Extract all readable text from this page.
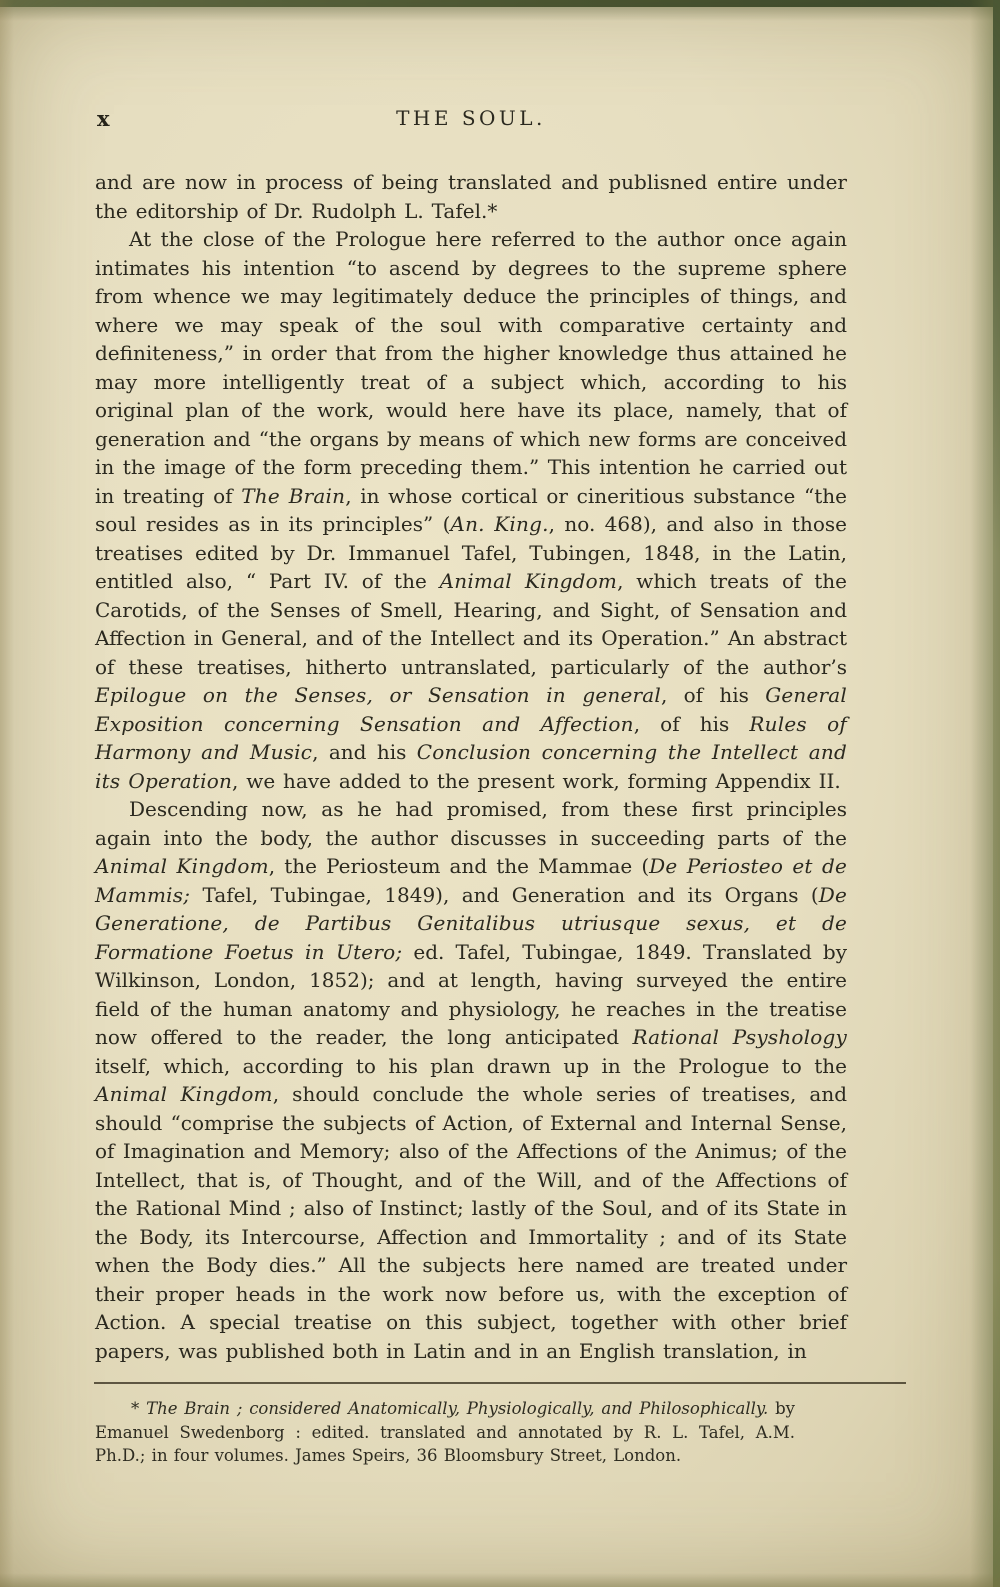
x	THE SOUL.

and are now in process of being translated and publisned entire under the editorship of Dr. Rudolph L. Tafel.*

At the close of the Prologue here referred to the author once again intimates his intention “to ascend by degrees to the supreme sphere from whence we may legitimately deduce the principles of things, and where we may speak of the soul with comparative certainty and definiteness,” in order that from the higher knowledge thus attained he may more intelligently treat of a subject which, according to his original plan of the work, would here have its place, namely, that of generation and “the organs by means of which new forms are conceived in the image of the form preceding them.” This intention he carried out in treating of The Brain, in whose cortical or cineritious substance “the soul resides as in its principles” (An. King., no. 468), and also in those treatises edited by Dr. Immanuel Tafel, Tubingen, 1848, in the Latin, entitled also, “ Part IV. of the Animal Kingdom, which treats of the Carotids, of the Senses of Smell, Hearing, and Sight, of Sensation and Affection in General, and of the Intellect and its Operation.” An abstract of these treatises, hitherto untranslated, particularly of the author’s Epilogue on the Senses, or Sensation in general, of his General Exposition concerning Sensation and Affection, of his Rules of Harmony and Music, and his Conclusion concerning the Intellect and its Operation, we have added to the present work, forming Appendix II.

Descending now, as he had promised, from these first principles again into the body, the author discusses in succeeding parts of the Animal Kingdom, the Periosteum and the Mammae (De Periosteo et de Mammis; Tafel, Tubingae, 1849), and Generation and its Organs (De Generatione, de Partibus Genitalibus utriusque sexus, et de Formatione Foetus in Utero; ed. Tafel, Tubingae, 1849. Translated by Wilkinson, London, 1852); and at length, having surveyed the entire field of the human anatomy and physiology, he reaches in the treatise now offered to the reader, the long anticipated Rational Psyshology itself, which, according to his plan drawn up in the Prologue to the Animal Kingdom, should conclude the whole series of treatises, and should “comprise the subjects of Action, of External and Internal Sense, of Imagination and Memory; also of the Affections of the Animus; of the Intellect, that is, of Thought, and of the Will, and of the Affections of the Rational Mind ; also of Instinct; lastly of the Soul, and of its State in the Body, its Intercourse, Affection and Immortality ; and of its State when the Body dies.” All the subjects here named are treated under their proper heads in the work now before us, with the exception of Action. A special treatise on this subject, together with other brief papers, was published both in Latin and in an English translation, in

* The Brain ; considered Anatomically, Physiologically, and Philosophically. by Emanuel Swedenborg : edited. translated and annotated by R. L. Tafel, A.M. Ph.D.; in four volumes. James Speirs, 36 Bloomsbury Street, London.
